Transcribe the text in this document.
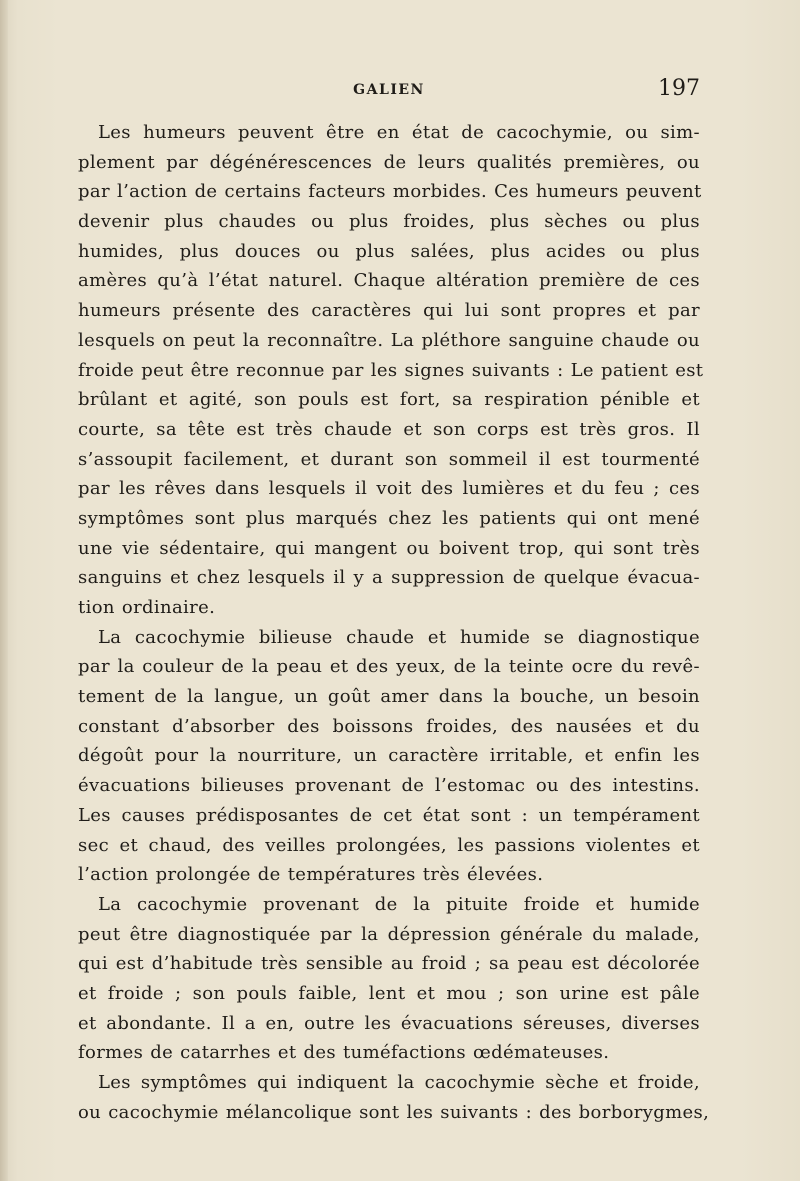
GALIEN	197
Les humeurs peuvent être en état de cacochymie, ou sim-
plement par dégénérescences de leurs qualités premières, ou
par l’action de certains facteurs morbides. Ces humeurs peuvent
devenir plus chaudes ou plus froides, plus sèches ou plus
humides, plus douces ou plus salées, plus acides ou plus
amères qu’à l’état naturel. Chaque altération première de ces
humeurs présente des caractères qui lui sont propres et par
lesquels on peut la reconnaître. La pléthore sanguine chaude ou
froide peut être reconnue par les signes suivants : Le patient est
brûlant et agité, son pouls est fort, sa respiration pénible et
courte, sa tête est très chaude et son corps est très gros. Il
s’assoupit facilement, et durant son sommeil il est tourmenté
par les rêves dans lesquels il voit des lumières et du feu ; ces
symptômes sont plus marqués chez les patients qui ont mené
une vie sédentaire, qui mangent ou boivent trop, qui sont très
sanguins et chez lesquels il y a suppression de quelque évacua-
tion ordinaire.
La cacochymie bilieuse chaude et humide se diagnostique
par la couleur de la peau et des yeux, de la teinte ocre du revê-
tement de la langue, un goût amer dans la bouche, un besoin
constant d’absorber des boissons froides, des nausées et du
dégoût pour la nourriture, un caractère irritable, et enfin les
évacuations bilieuses provenant de l’estomac ou des intestins.
Les causes prédisposantes de cet état sont : un tempérament
sec et chaud, des veilles prolongées, les passions violentes et
l’action prolongée de températures très élevées.
La cacochymie provenant de la pituite froide et humide
peut être diagnostiquée par la dépression générale du malade,
qui est d’habitude très sensible au froid ; sa peau est décolorée
et froide ; son pouls faible, lent et mou ; son urine est pâle
et abondante. Il a en, outre les évacuations séreuses, diverses
formes de catarrhes et des tuméfactions œdémateuses.
Les symptômes qui indiquent la cacochymie sèche et froide,
ou cacochymie mélancolique sont les suivants : des borborygmes,
